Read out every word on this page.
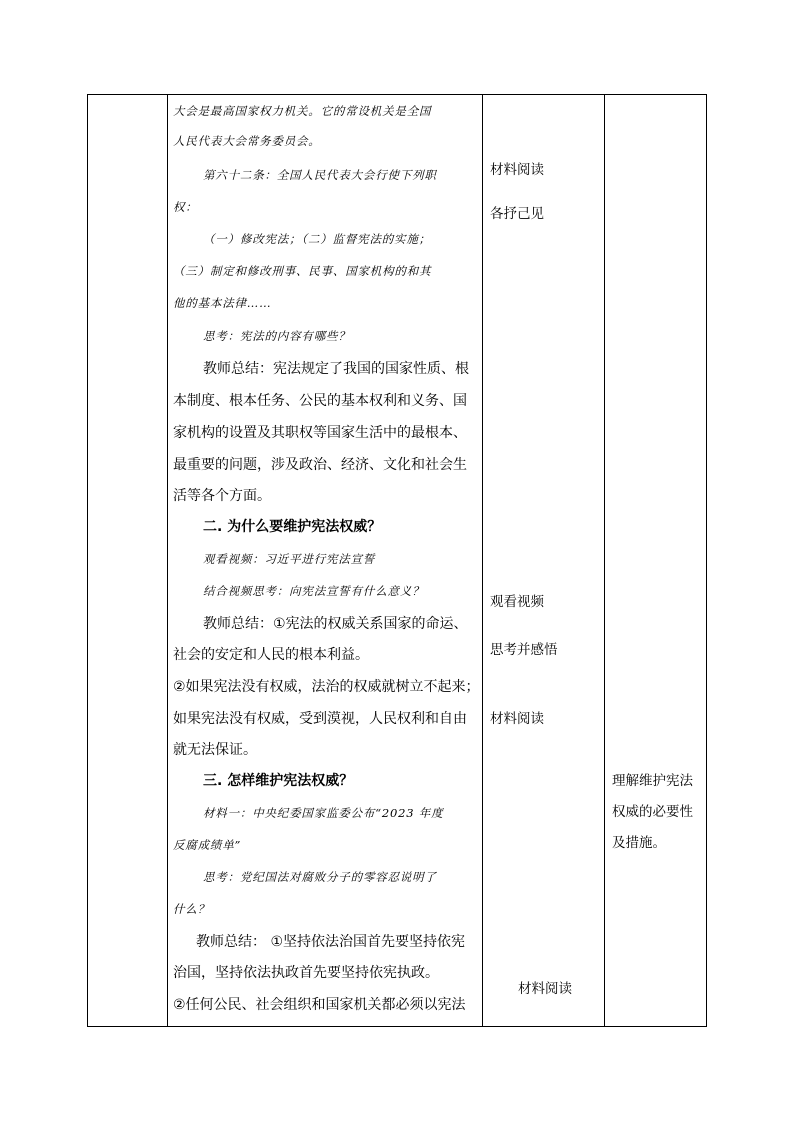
大会是最高国家权力机关。它的常设机关是全国
人民代表大会常务委员会。
第六十二条：全国人民代表大会行使下列职
权：
（一）修改宪法；（二）监督宪法的实施；
（三）制定和修改刑事、民事、国家机构的和其
他的基本法律……
思考：宪法的内容有哪些？
教师总结：宪法规定了我国的国家性质、根
本制度、根本任务、公民的基本权利和义务、国
家机构的设置及其职权等国家生活中的最根本、
最重要的问题，涉及政治、经济、文化和社会生
活等各个方面。
二. 为什么要维护宪法权威？
观看视频：习近平进行宪法宣誓
结合视频思考：向宪法宣誓有什么意义？
教师总结：①宪法的权威关系国家的命运、
社会的安定和人民的根本利益。
②如果宪法没有权威，法治的权威就树立不起来；
如果宪法没有权威，受到漠视，人民权利和自由
就无法保证。
三. 怎样维护宪法权威？
材料一：中央纪委国家监委公布“2023 年度
反腐成绩单”
思考：党纪国法对腐败分子的零容忍说明了
什么？
教师总结： ①坚持依法治国首先要坚持依宪
治国，坚持依法执政首先要坚持依宪执政。
②任何公民、社会组织和国家机关都必须以宪法
材料阅读
各抒己见
观看视频
思考并感悟
材料阅读
材料阅读
理解维护宪法
权威的必要性
及措施。
